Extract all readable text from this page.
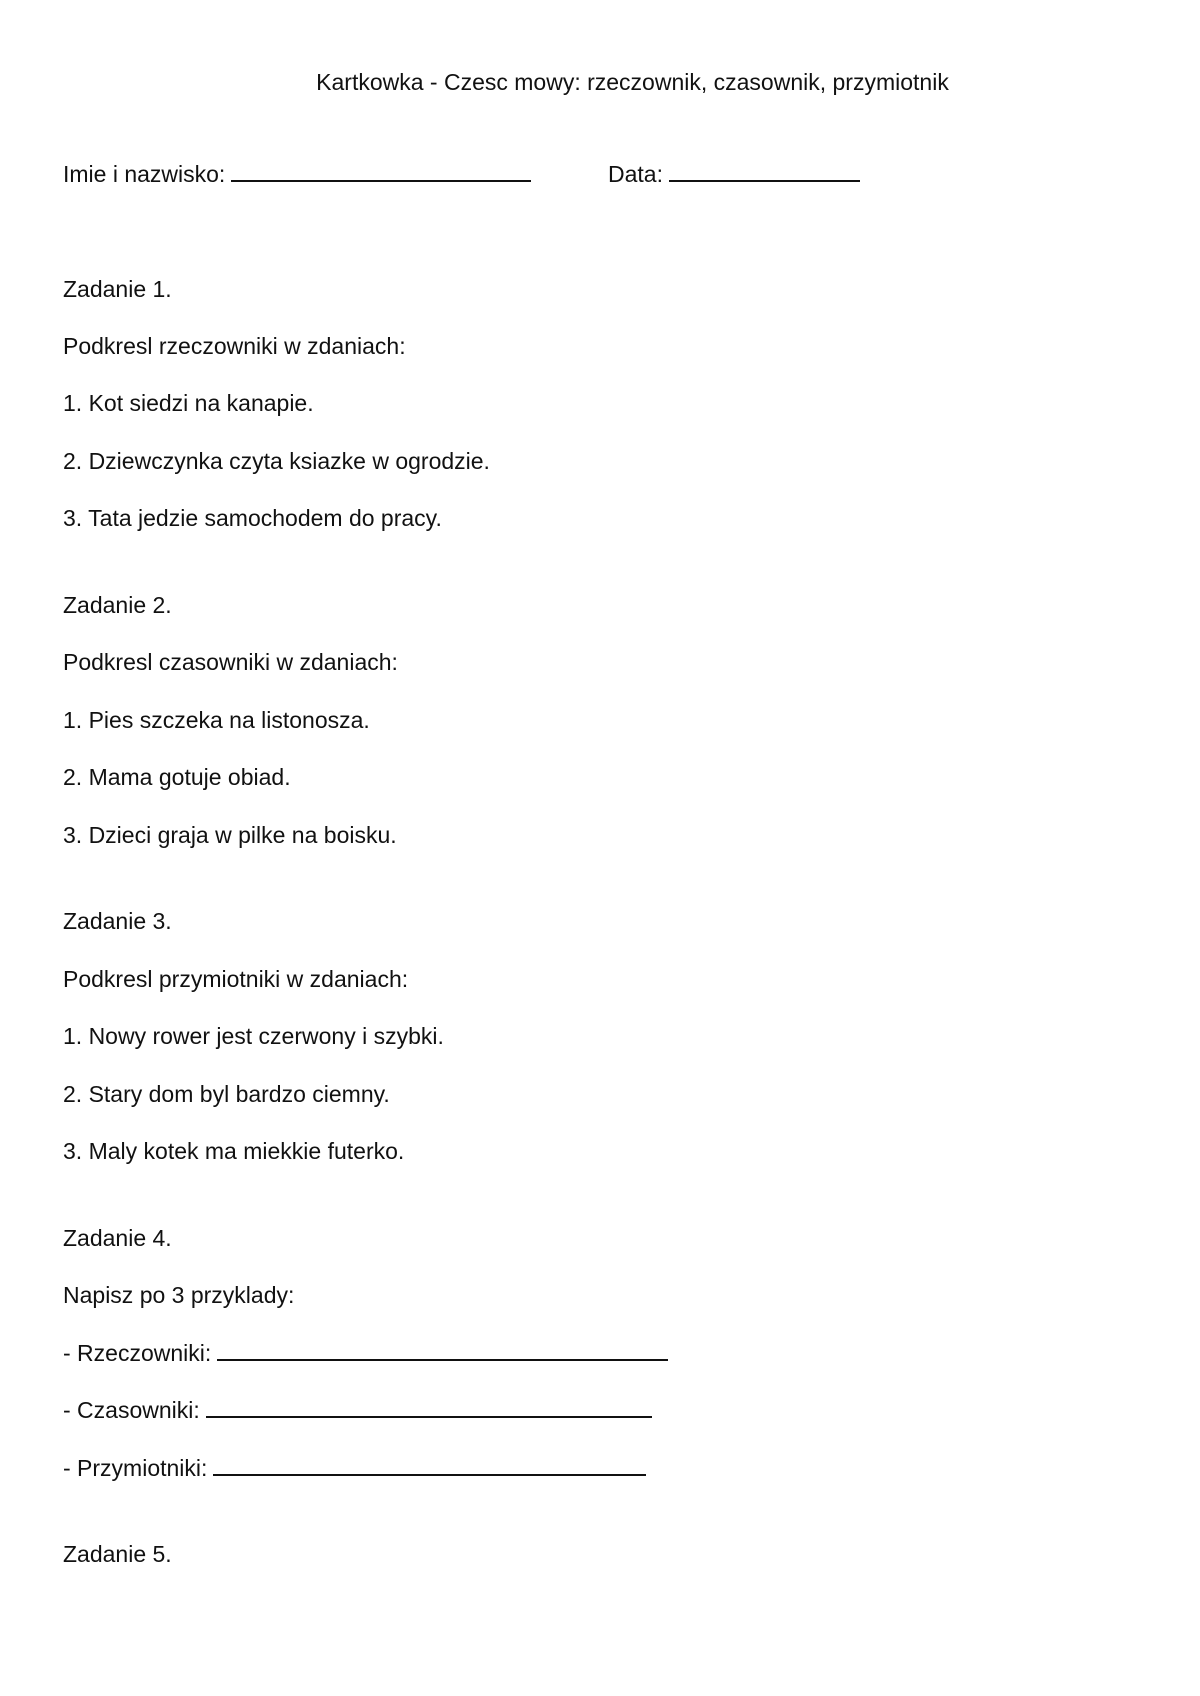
Kartkowka - Czesc mowy: rzeczownik, czasownik, przymiotnik
Imie i nazwisko:	Data:
Zadanie 1.
Podkresl rzeczowniki w zdaniach:
1. Kot siedzi na kanapie.
2. Dziewczynka czyta ksiazke w ogrodzie.
3. Tata jedzie samochodem do pracy.
Zadanie 2.
Podkresl czasowniki w zdaniach:
1. Pies szczeka na listonosza.
2. Mama gotuje obiad.
3. Dzieci graja w pilke na boisku.
Zadanie 3.
Podkresl przymiotniki w zdaniach:
1. Nowy rower jest czerwony i szybki.
2. Stary dom byl bardzo ciemny.
3. Maly kotek ma miekkie futerko.
Zadanie 4.
Napisz po 3 przyklady:
- Rzeczowniki:
- Czasowniki:
- Przymiotniki:
Zadanie 5.
